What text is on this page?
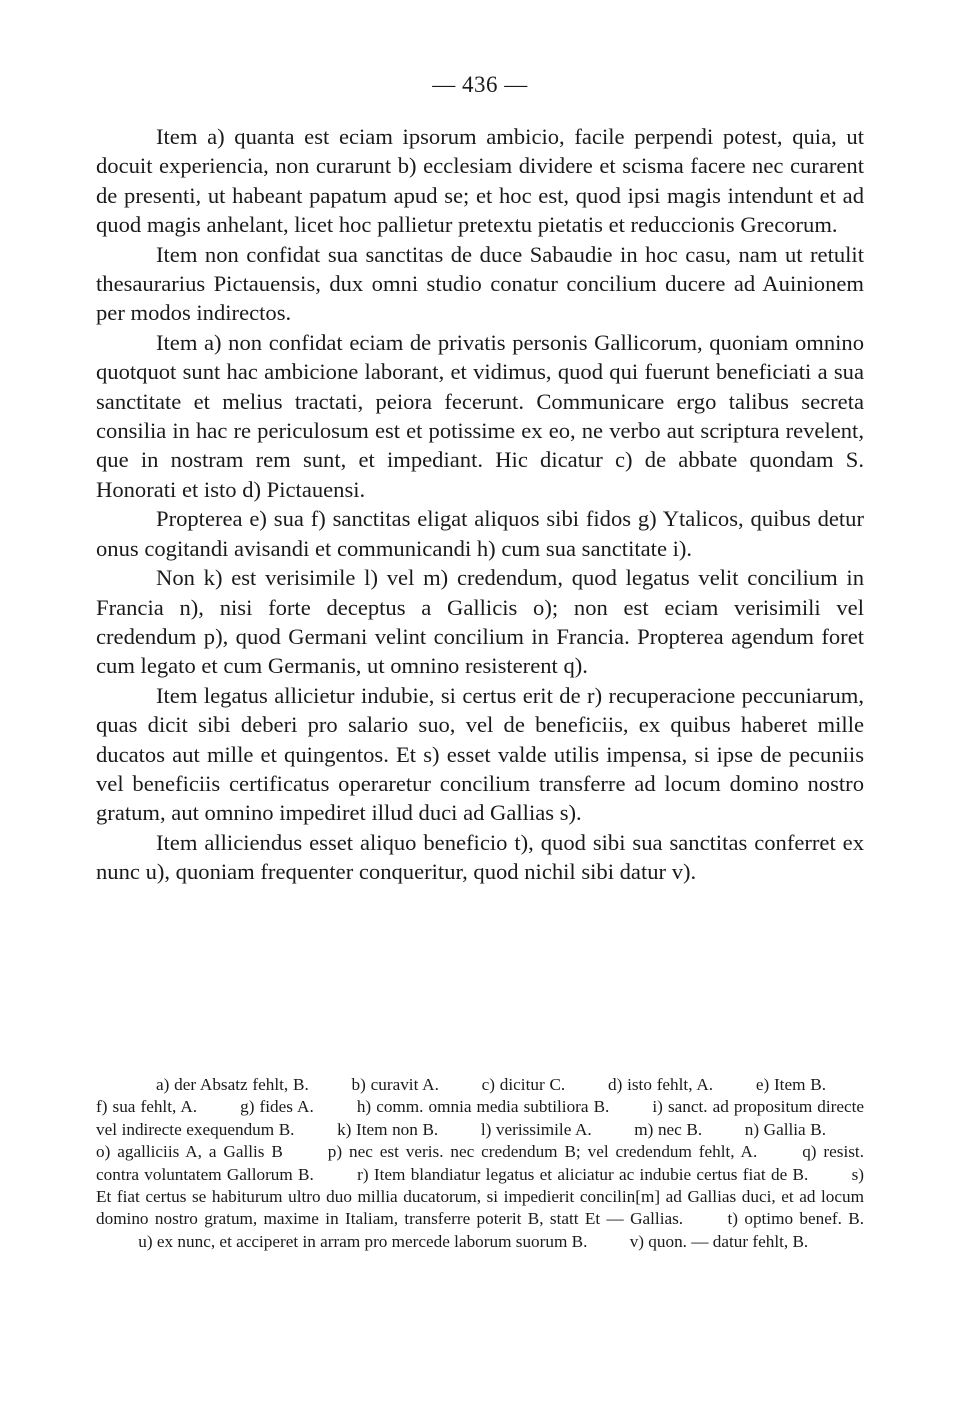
— 436 —

Item a) quanta est eciam ipsorum ambicio, facile perpendi potest, quia, ut docuit experiencia, non curarunt b) ecclesiam dividere et scisma facere nec curarent de presenti, ut habeant papatum apud se; et hoc est, quod ipsi magis intendunt et ad quod magis anhelant, licet hoc pallietur pretextu pietatis et reduccionis Grecorum.

Item non confidat sua sanctitas de duce Sabaudie in hoc casu, nam ut retulit thesaurarius Pictauensis, dux omni studio conatur concilium ducere ad Auinionem per modos indirectos.

Item a) non confidat eciam de privatis personis Gallicorum, quoniam omnino quotquot sunt hac ambicione laborant, et vidimus, quod qui fuerunt beneficiati a sua sanctitate et melius tractati, peiora fecerunt. Communicare ergo talibus secreta consilia in hac re periculosum est et potissime ex eo, ne verbo aut scriptura revelent, que in nostram rem sunt, et impediant. Hic dicatur c) de abbate quondam S. Honorati et isto d) Pictauensi.

Propterea e) sua f) sanctitas eligat aliquos sibi fidos g) Ytalicos, quibus detur onus cogitandi avisandi et communicandi h) cum sua sanctitate i).

Non k) est verisimile l) vel m) credendum, quod legatus velit concilium in Francia n), nisi forte deceptus a Gallicis o); non est eciam verisimili vel credendum p), quod Germani velint concilium in Francia. Propterea agendum foret cum legato et cum Germanis, ut omnino resisterent q).

Item legatus allicietur indubie, si certus erit de r) recuperacione peccuniarum, quas dicit sibi deberi pro salario suo, vel de beneficiis, ex quibus haberet mille ducatos aut mille et quingentos. Et s) esset valde utilis impensa, si ipse de pecuniis vel beneficiis certificatus operaretur concilium transferre ad locum domino nostro gratum, aut omnino impediret illud duci ad Gallias s).

Item alliciendus esset aliquo beneficio t), quod sibi sua sanctitas conferret ex nunc u), quoniam frequenter conqueritur, quod nichil sibi datur v).

a) der Absatz fehlt, B. b) curavit A. c) dicitur C. d) isto fehlt, A. e) Item B. f) sua fehlt, A.	g) fides A.	h) comm. omnia media subtiliora B.	i) sanct. ad propositum directe vel indirecte exequendum B. k) Item non B. l) verissimile A. m) nec B. n) Gallia B. o) agalliciis A, a Gallis B	p) nec est veris. nec credendum B; vel credendum fehlt, A.	q) resist. contra voluntatem Gallorum B.	r) Item blandiatur legatus et aliciatur ac indubie certus fiat de B.	s) Et fiat certus se habiturum ultro duo millia ducatorum, si impedierit concilin[m] ad Gallias duci, et ad locum domino nostro gratum, maxime in Italiam, transferre poterit B, statt Et — Gallias.	t) optimo benef. B. u) ex nunc, et acciperet in arram pro mercede laborum suorum B. v) quon. — datur fehlt, B.
